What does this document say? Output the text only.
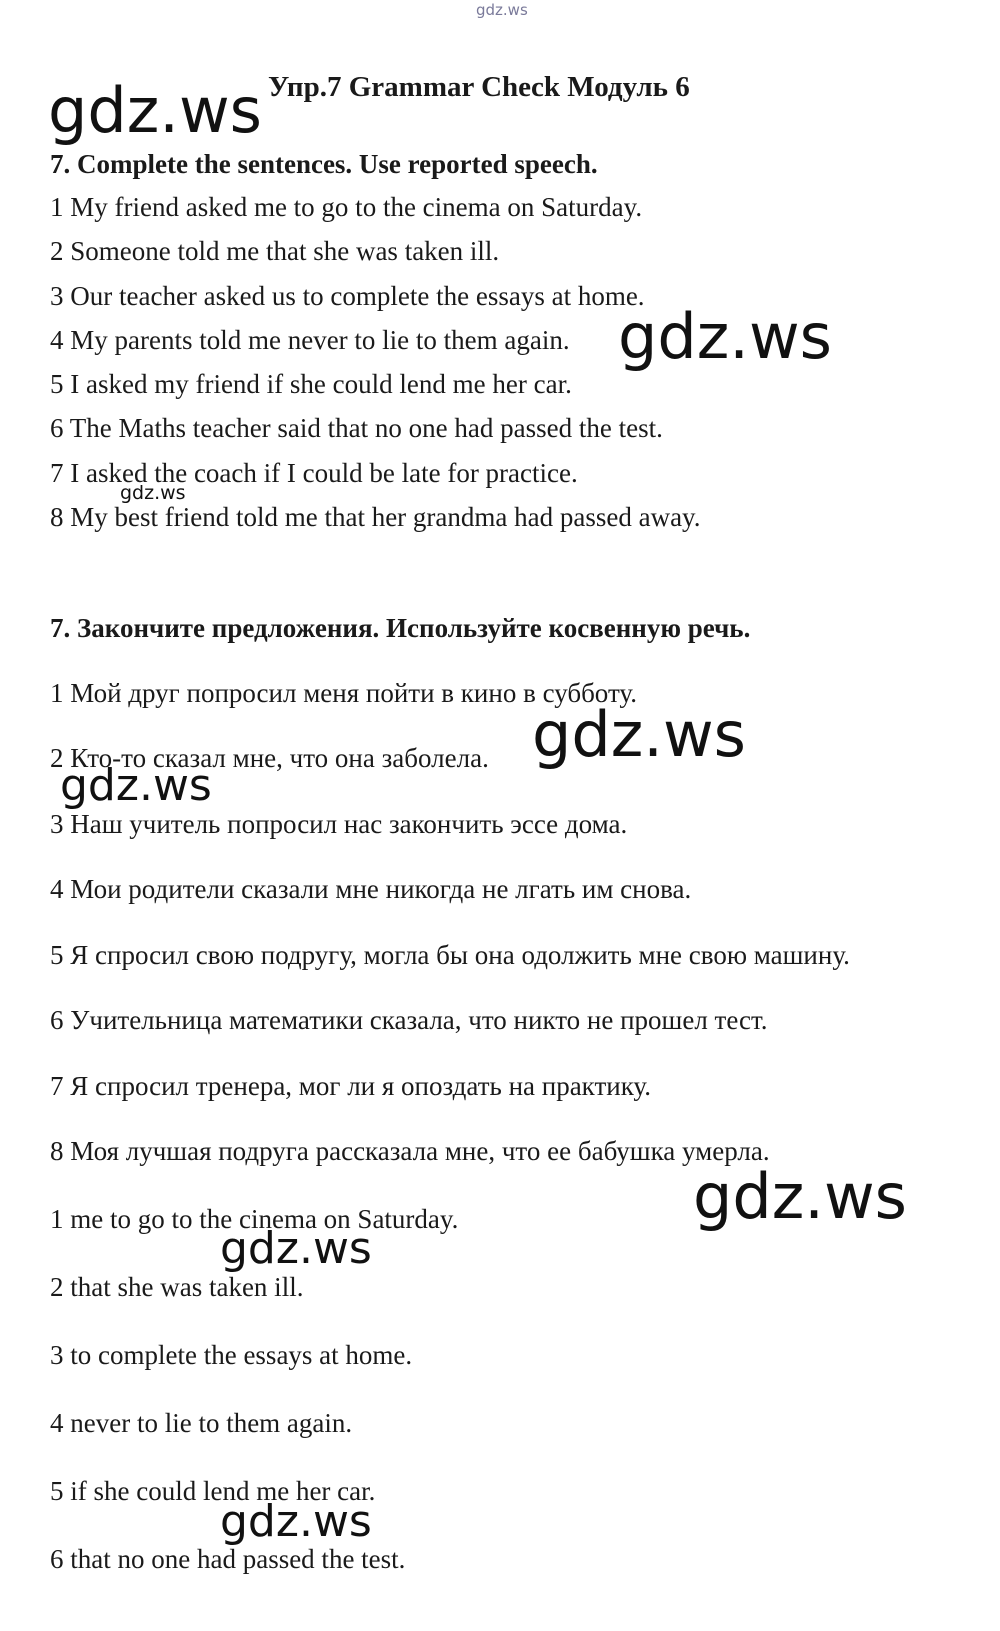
gdz.ws
gdz.ws
gdz.ws
gdz.ws
gdz.ws
gdz.ws
gdz.ws
gdz.ws
gdz.ws
Упр.7 Grammar Check Модуль 6
7. Complete the sentences. Use reported speech.
1 My friend asked me to go to the cinema on Saturday.
2 Someone told me that she was taken ill.
3 Our teacher asked us to complete the essays at home.
4 My parents told me never to lie to them again.
5 I asked my friend if she could lend me her car.
6 The Maths teacher said that no one had passed the test.
7 I asked the coach if I could be late for practice.
8 My best friend told me that her grandma had passed away.
7. Закончите предложения. Используйте косвенную речь.
1 Мой друг попросил меня пойти в кино в субботу.
2 Кто-то сказал мне, что она заболела.
3 Наш учитель попросил нас закончить эссе дома.
4 Мои родители сказали мне никогда не лгать им снова.
5 Я спросил свою подругу, могла бы она одолжить мне свою машину.
6 Учительница математики сказала, что никто не прошел тест.
7 Я спросил тренера, мог ли я опоздать на практику.
8 Моя лучшая подруга рассказала мне, что ее бабушка умерла.
1 me to go to the cinema on Saturday.
2 that she was taken ill.
3 to complete the essays at home.
4 never to lie to them again.
5 if she could lend me her car.
6 that no one had passed the test.
